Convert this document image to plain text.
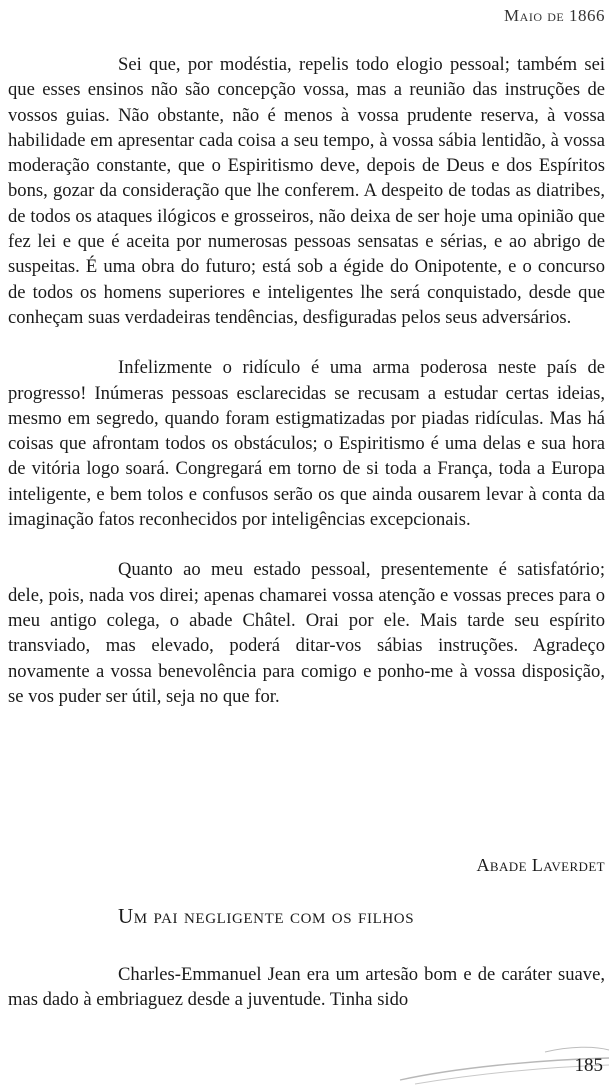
Maio de 1866

Sei que, por modéstia, repelis todo elogio pessoal; também sei que esses ensinos não são concepção vossa, mas a reunião das instruções de vossos guias. Não obstante, não é menos à vossa prudente reserva, à vossa habilidade em apresentar cada coisa a seu tempo, à vossa sábia lentidão, à vossa moderação constante, que o Espiritismo deve, depois de Deus e dos Espíritos bons, gozar da consideração que lhe conferem. A despeito de todas as diatribes, de todos os ataques ilógicos e grosseiros, não deixa de ser hoje uma opinião que fez lei e que é aceita por numerosas pessoas sensatas e sérias, e ao abrigo de suspeitas. É uma obra do futuro; está sob a égide do Onipotente, e o concurso de todos os homens superiores e inteligentes lhe será conquistado, desde que conheçam suas verdadeiras tendências, desfiguradas pelos seus adversários.

Infelizmente o ridículo é uma arma poderosa neste país de progresso! Inúmeras pessoas esclarecidas se recusam a estudar certas ideias, mesmo em segredo, quando foram estigmatizadas por piadas ridículas. Mas há coisas que afrontam todos os obstáculos; o Espiritismo é uma delas e sua hora de vitória logo soará. Congregará em torno de si toda a França, toda a Europa inteligente, e bem tolos e confusos serão os que ainda ousarem levar à conta da imaginação fatos reconhecidos por inteligências excepcionais.

Quanto ao meu estado pessoal, presentemente é satisfatório; dele, pois, nada vos direi; apenas chamarei vossa atenção e vossas preces para o meu antigo colega, o abade Châtel. Orai por ele. Mais tarde seu espírito transviado, mas elevado, poderá ditar-vos sábias instruções. Agradeço novamente a vossa benevolência para comigo e ponho-me à vossa disposição, se vos puder ser útil, seja no que for.

Abade Laverdet
Um pai negligente com os filhos

Charles-Emmanuel Jean era um artesão bom e de caráter suave, mas dado à embriaguez desde a juventude. Tinha sido

185
